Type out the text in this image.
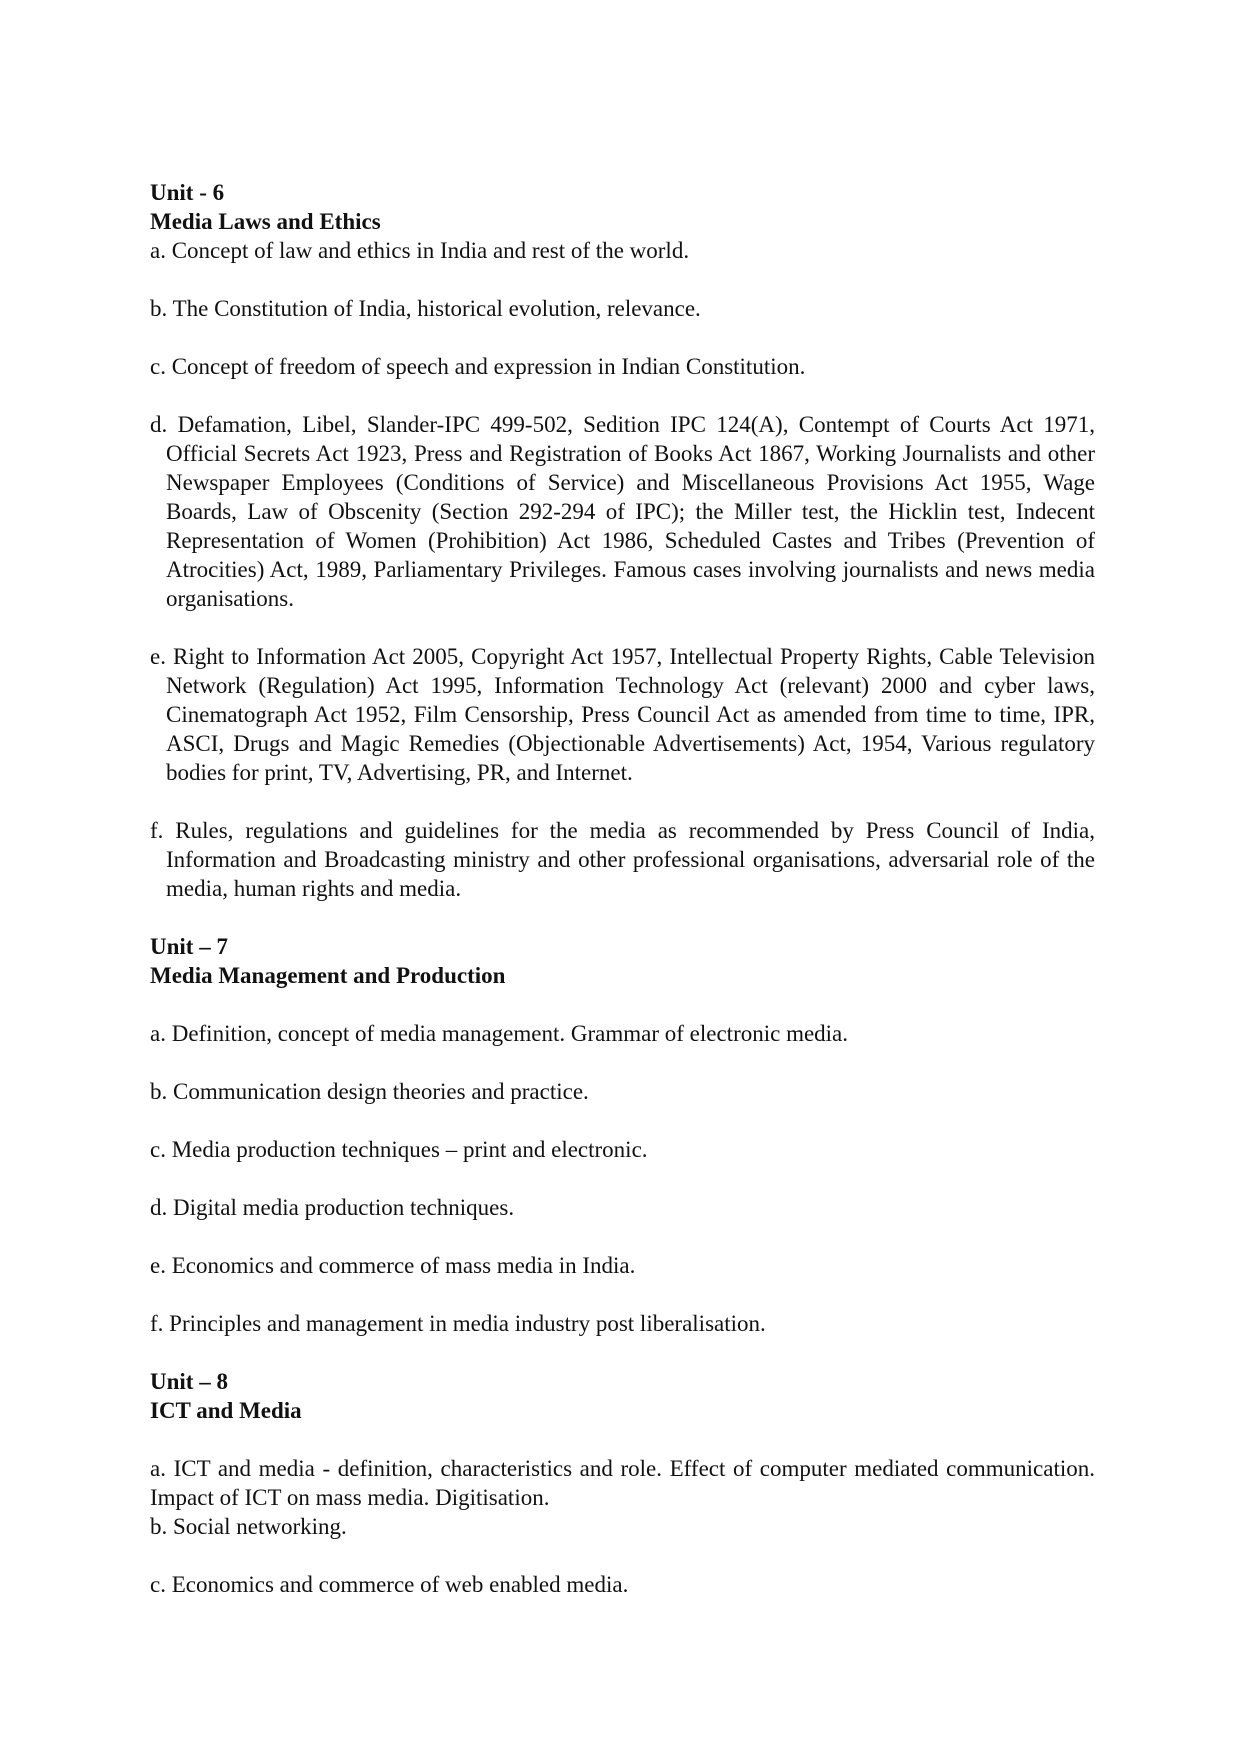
Unit - 6
Media Laws and Ethics
a. Concept of law and ethics in India and rest of the world.
b. The Constitution of India, historical evolution, relevance.
c. Concept of freedom of speech and expression in Indian Constitution.
d. Defamation, Libel, Slander-IPC 499-502, Sedition IPC 124(A), Contempt of Courts Act 1971, Official Secrets Act 1923, Press and Registration of Books Act 1867, Working Journalists and other Newspaper Employees (Conditions of Service) and Miscellaneous Provisions Act 1955, Wage Boards, Law of Obscenity (Section 292-294 of IPC); the Miller test, the Hicklin test, Indecent Representation of Women (Prohibition) Act 1986, Scheduled Castes and Tribes (Prevention of Atrocities) Act, 1989, Parliamentary Privileges. Famous cases involving journalists and news media organisations.
e. Right to Information Act 2005, Copyright Act 1957, Intellectual Property Rights, Cable Television Network (Regulation) Act 1995, Information Technology Act (relevant) 2000 and cyber laws, Cinematograph Act 1952, Film Censorship, Press Council Act as amended from time to time, IPR, ASCI, Drugs and Magic Remedies (Objectionable Advertisements) Act, 1954, Various regulatory bodies for print, TV, Advertising, PR, and Internet.
f. Rules, regulations and guidelines for the media as recommended by Press Council of India, Information and Broadcasting ministry and other professional organisations, adversarial role of the media, human rights and media.
Unit – 7
Media Management and Production
a. Definition, concept of media management. Grammar of electronic media.
b. Communication design theories and practice.
c. Media production techniques – print and electronic.
d. Digital media production techniques.
e. Economics and commerce of mass media in India.
f. Principles and management in media industry post liberalisation.
Unit – 8
ICT and Media
a. ICT and media - definition, characteristics and role. Effect of computer mediated communication. Impact of ICT on mass media. Digitisation.
b. Social networking.
c. Economics and commerce of web enabled media.
